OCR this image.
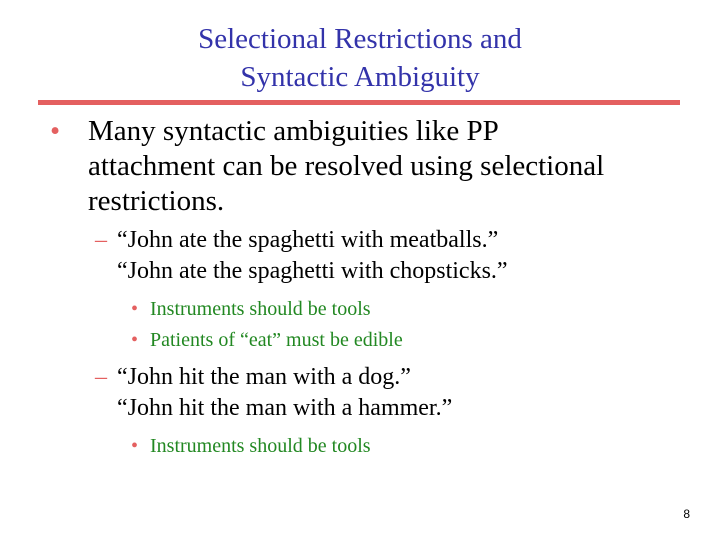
Selectional Restrictions and
Syntactic Ambiguity
• Many syntactic ambiguities like PP
attachment can be resolved using selectional
restrictions.
– “John ate the spaghetti with meatballs.”
“John ate the spaghetti with chopsticks.”
• Instruments should be tools
• Patients of “eat” must be edible
– “John hit the man with a dog.”
“John hit the man with a hammer.”
• Instruments should be tools
8
